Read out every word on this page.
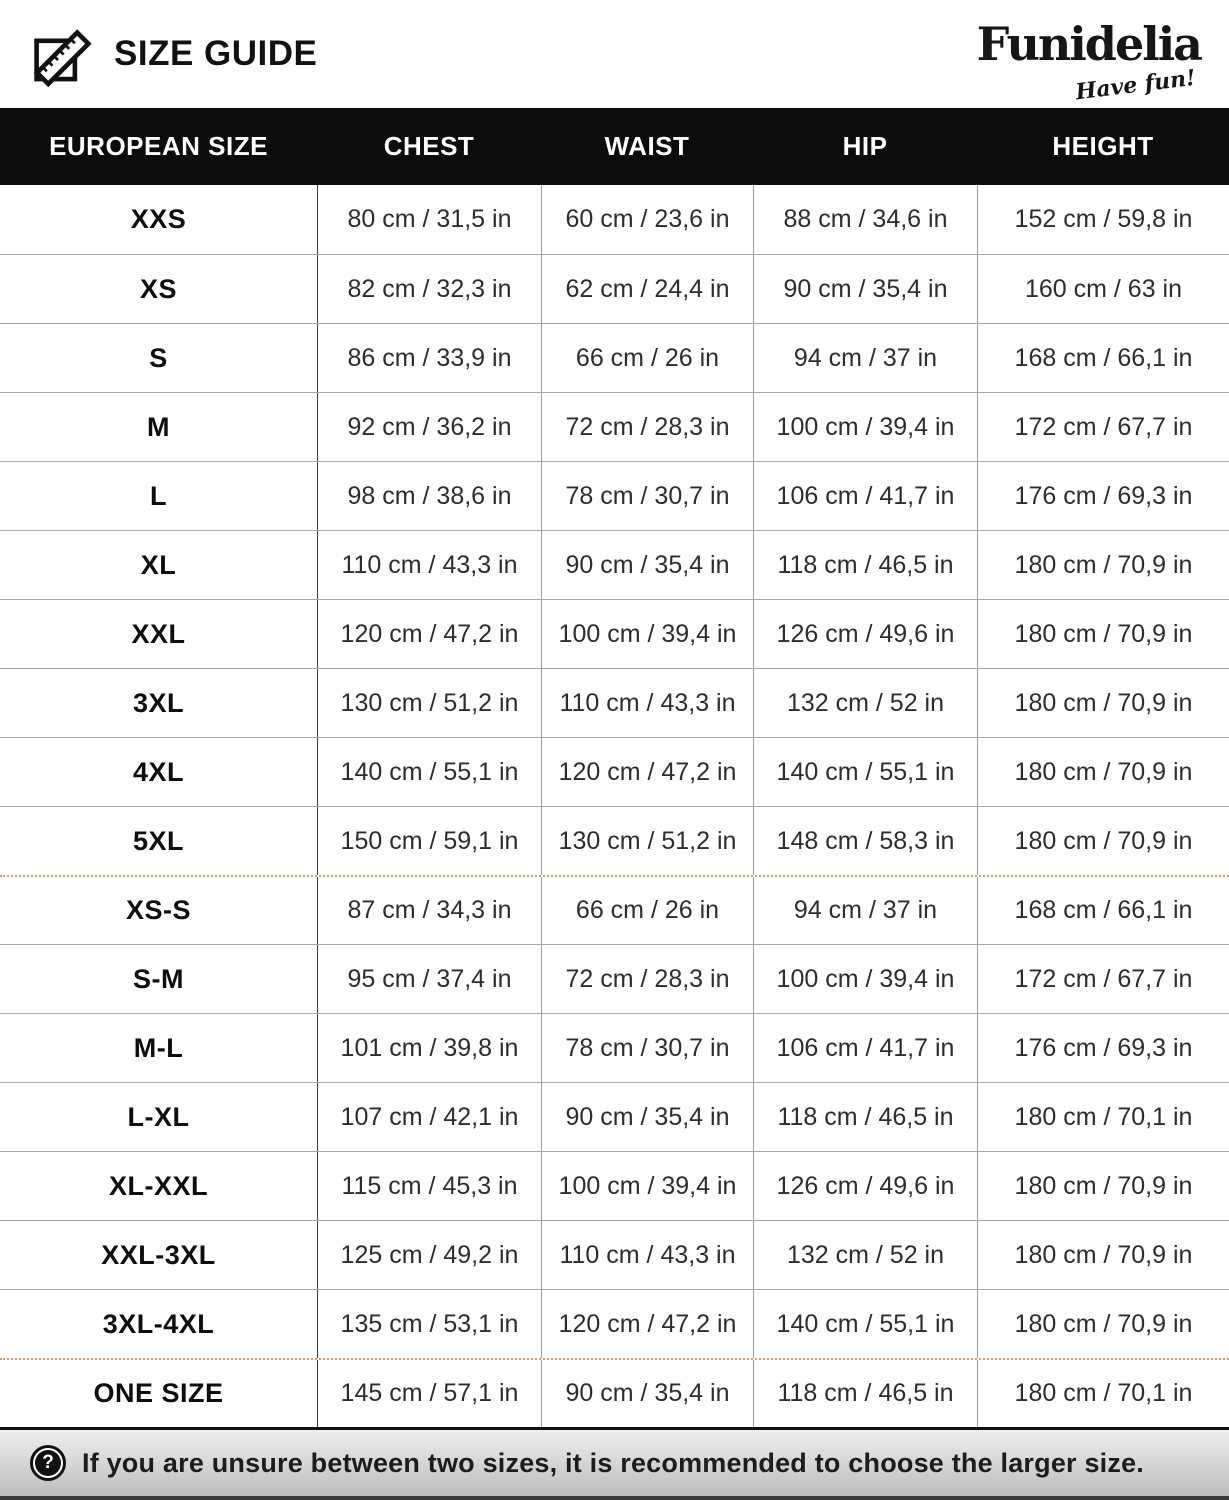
SIZE GUIDE	Funidelia
Have fun!
EUROPEAN SIZE	CHEST	WAIST	HIP	HEIGHT
XXS	80 cm / 31,5 in	60 cm / 23,6 in	88 cm / 34,6 in	152 cm / 59,8 in
XS	82 cm / 32,3 in	62 cm / 24,4 in	90 cm / 35,4 in	160 cm / 63 in
S	86 cm / 33,9 in	66 cm / 26 in	94 cm / 37 in	168 cm / 66,1 in
M	92 cm / 36,2 in	72 cm / 28,3 in	100 cm / 39,4 in	172 cm / 67,7 in
L	98 cm / 38,6 in	78 cm / 30,7 in	106 cm / 41,7 in	176 cm / 69,3 in
XL	110 cm / 43,3 in	90 cm / 35,4 in	118 cm / 46,5 in	180 cm / 70,9 in
XXL	120 cm / 47,2 in	100 cm / 39,4 in	126 cm / 49,6 in	180 cm / 70,9 in
3XL	130 cm / 51,2 in	110 cm / 43,3 in	132 cm / 52 in	180 cm / 70,9 in
4XL	140 cm / 55,1 in	120 cm / 47,2 in	140 cm / 55,1 in	180 cm / 70,9 in
5XL	150 cm / 59,1 in	130 cm / 51,2 in	148 cm / 58,3 in	180 cm / 70,9 in
XS-S	87 cm / 34,3 in	66 cm / 26 in	94 cm / 37 in	168 cm / 66,1 in
S-M	95 cm / 37,4 in	72 cm / 28,3 in	100 cm / 39,4 in	172 cm / 67,7 in
M-L	101 cm / 39,8 in	78 cm / 30,7 in	106 cm / 41,7 in	176 cm / 69,3 in
L-XL	107 cm / 42,1 in	90 cm / 35,4 in	118 cm / 46,5 in	180 cm / 70,1 in
XL-XXL	115 cm / 45,3 in	100 cm / 39,4 in	126 cm / 49,6 in	180 cm / 70,9 in
XXL-3XL	125 cm / 49,2 in	110 cm / 43,3 in	132 cm / 52 in	180 cm / 70,9 in
3XL-4XL	135 cm / 53,1 in	120 cm / 47,2 in	140 cm / 55,1 in	180 cm / 70,9 in
ONE SIZE	145 cm / 57,1 in	90 cm / 35,4 in	118 cm / 46,5 in	180 cm / 70,1 in
? If you are unsure between two sizes, it is recommended to choose the larger size.
